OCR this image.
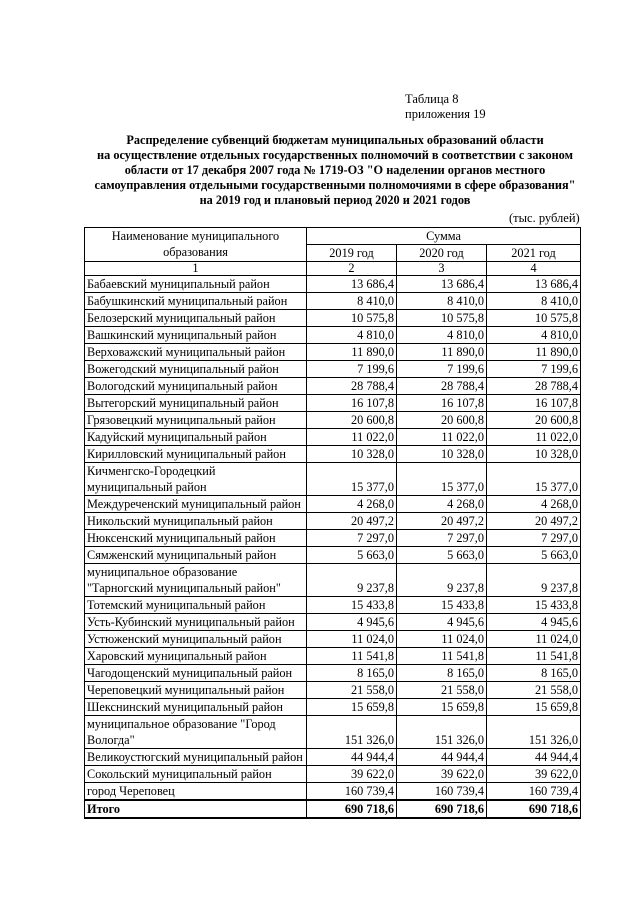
Таблица 8
приложения 19
Распределение субвенций бюджетам муниципальных образований области
на осуществление отдельных государственных полномочий в соответствии с законом
области от 17 декабря 2007 года № 1719-ОЗ "О наделении органов местного
самоуправления отдельными государственными полномочиями в сфере образования"
на 2019 год и плановый период 2020 и 2021 годов
(тыс. рублей)
Наименование муниципального образования	Сумма		
	2019 год	2020 год	2021 год
1	2	3	4
Бабаевский муниципальный район	13 686,4	13 686,4	13 686,4
Бабушкинский муниципальный район	8 410,0	8 410,0	8 410,0
Белозерский муниципальный район	10 575,8	10 575,8	10 575,8
Вашкинский муниципальный район	4 810,0	4 810,0	4 810,0
Верховажский муниципальный район	11 890,0	11 890,0	11 890,0
Вожегодский муниципальный район	7 199,6	7 199,6	7 199,6
Вологодский муниципальный район	28 788,4	28 788,4	28 788,4
Вытегорский муниципальный район	16 107,8	16 107,8	16 107,8
Грязовецкий муниципальный район	20 600,8	20 600,8	20 600,8
Кадуйский муниципальный район	11 022,0	11 022,0	11 022,0
Кирилловский муниципальный район	10 328,0	10 328,0	10 328,0
Кичменгско-Городецкий муниципальный район	15 377,0	15 377,0	15 377,0
Междуреченский муниципальный район	4 268,0	4 268,0	4 268,0
Никольский муниципальный район	20 497,2	20 497,2	20 497,2
Нюксенский муниципальный район	7 297,0	7 297,0	7 297,0
Сямженский муниципальный район	5 663,0	5 663,0	5 663,0
муниципальное образование "Тарногский муниципальный район"	9 237,8	9 237,8	9 237,8
Тотемский муниципальный район	15 433,8	15 433,8	15 433,8
Усть-Кубинский муниципальный район	4 945,6	4 945,6	4 945,6
Устюженский муниципальный район	11 024,0	11 024,0	11 024,0
Харовский муниципальный район	11 541,8	11 541,8	11 541,8
Чагодощенский муниципальный район	8 165,0	8 165,0	8 165,0
Череповецкий муниципальный район	21 558,0	21 558,0	21 558,0
Шекснинский муниципальный район	15 659,8	15 659,8	15 659,8
муниципальное образование "Город Вологда"	151 326,0	151 326,0	151 326,0
Великоустюгский муниципальный район	44 944,4	44 944,4	44 944,4
Сокольский муниципальный район	39 622,0	39 622,0	39 622,0
город Череповец	160 739,4	160 739,4	160 739,4
Итого	690 718,6	690 718,6	690 718,6
